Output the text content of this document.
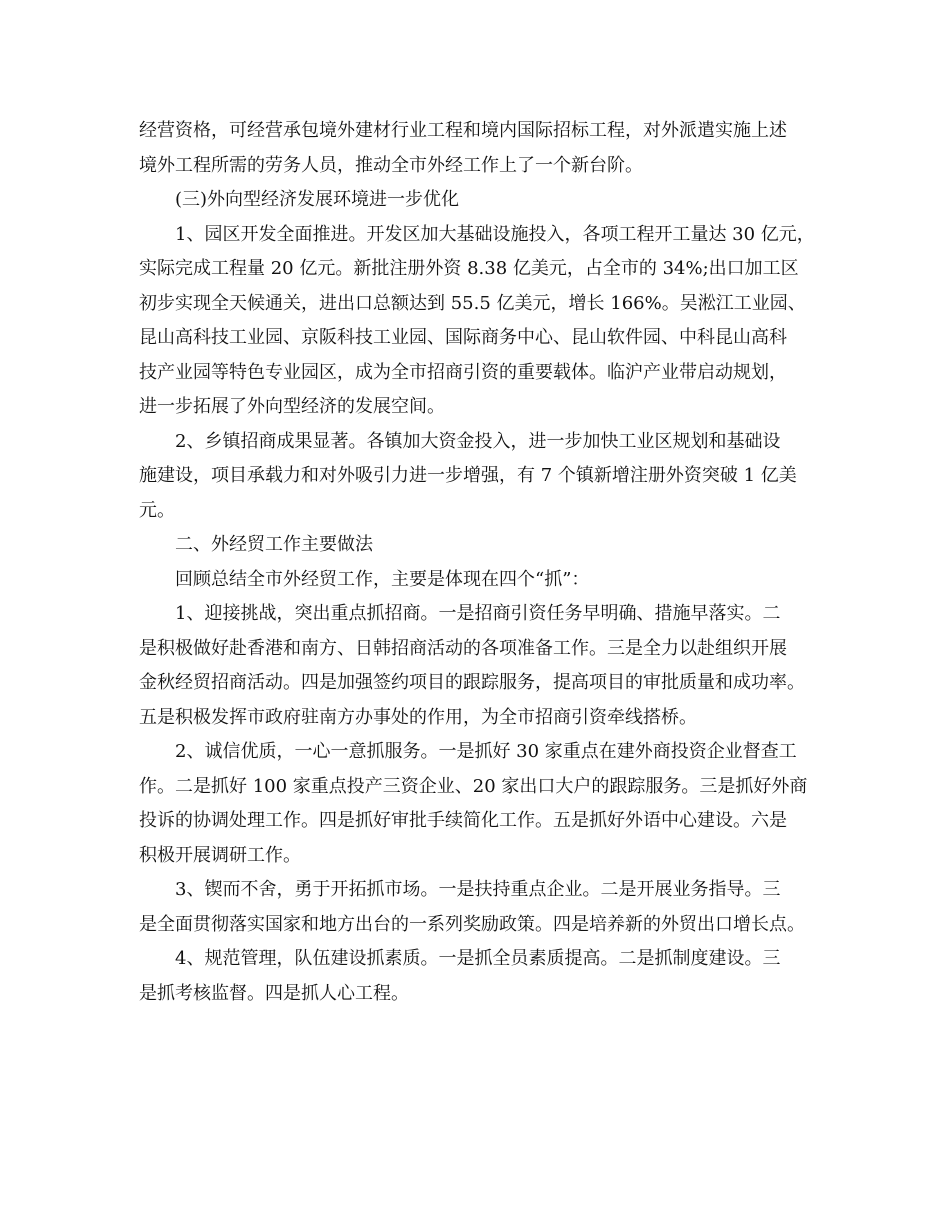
经营资格，可经营承包境外建材行业工程和境内国际招标工程，对外派遣实施上述
境外工程所需的劳务人员，推动全市外经工作上了一个新台阶。
(三)外向型经济发展环境进一步优化
1、园区开发全面推进。开发区加大基础设施投入，各项工程开工量达 30 亿元，
实际完成工程量 20 亿元。新批注册外资 8.38 亿美元，占全市的 34%;出口加工区
初步实现全天候通关，进出口总额达到 55.5 亿美元，增长 166%。吴淞江工业园、
昆山高科技工业园、京阪科技工业园、国际商务中心、昆山软件园、中科昆山高科
技产业园等特色专业园区，成为全市招商引资的重要载体。临沪产业带启动规划，
进一步拓展了外向型经济的发展空间。
2、乡镇招商成果显著。各镇加大资金投入，进一步加快工业区规划和基础设
施建设，项目承载力和对外吸引力进一步增强，有 7 个镇新增注册外资突破 1 亿美
元。
二、外经贸工作主要做法
回顾总结全市外经贸工作，主要是体现在四个“抓”：
1、迎接挑战，突出重点抓招商。一是招商引资任务早明确、措施早落实。二
是积极做好赴香港和南方、日韩招商活动的各项准备工作。三是全力以赴组织开展
金秋经贸招商活动。四是加强签约项目的跟踪服务，提高项目的审批质量和成功率。
五是积极发挥市政府驻南方办事处的作用，为全市招商引资牵线搭桥。
2、诚信优质，一心一意抓服务。一是抓好 30 家重点在建外商投资企业督查工
作。二是抓好 100 家重点投产三资企业、20 家出口大户的跟踪服务。三是抓好外商
投诉的协调处理工作。四是抓好审批手续简化工作。五是抓好外语中心建设。六是
积极开展调研工作。
3、锲而不舍，勇于开拓抓市场。一是扶持重点企业。二是开展业务指导。三
是全面贯彻落实国家和地方出台的一系列奖励政策。四是培养新的外贸出口增长点。
4、规范管理，队伍建设抓素质。一是抓全员素质提高。二是抓制度建设。三
是抓考核监督。四是抓人心工程。
